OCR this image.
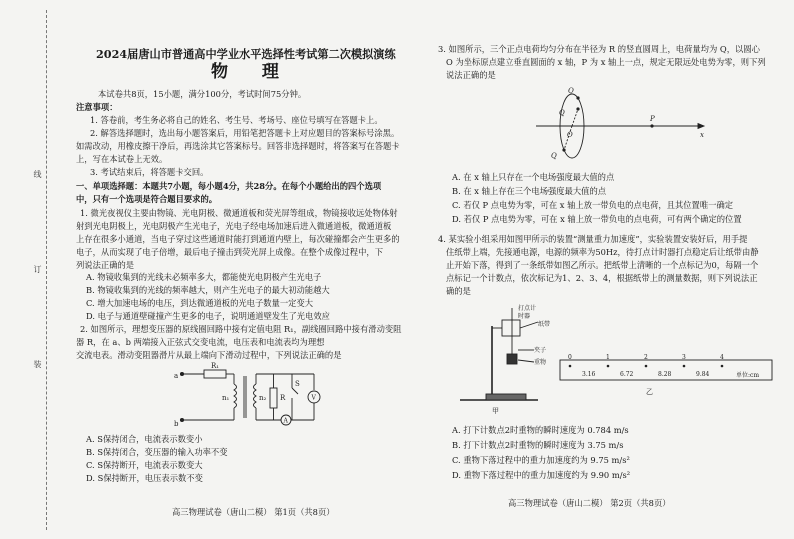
线
订
装
2024届唐山市普通高中学业水平选择性考试第二次模拟演练
物 理
本试卷共8页，15小题，满分100分，考试时间75分钟。
注意事项：
1. 答卷前，考生务必将自己的姓名、考生号、考场号、座位号填写在答题卡上。
2. 解答选择题时，选出每小题答案后，用铅笔把答题卡上对应题目的答案标号涂黑。
如需改动，用橡皮擦干净后，再选涂其它答案标号。回答非选择题时，将答案写在答题卡
上，写在本试卷上无效。
3. 考试结束后，将答题卡交回。
一、单项选择题：本题共7小题，每小题4分，共28分。在每个小题给出的四个选项
中，只有一个选项是符合题目要求的。
1. 微光夜视仪主要由物镜、光电阴极、微通道板和荧光屏等组成，物镜接收远处物体射
射到光电阴极上，光电阴极产生光电子，光电子经电场加速后进入微通道板，微通道板
上存在很多小通道，当电子穿过这些通道时能打到通道内壁上，每次碰撞都会产生更多的
电子，从而实现了电子倍增，最后电子撞击到荧光屏上成像。在整个成像过程中，下
列说法正确的是
A. 物镜收集到的光线未必频率多大，都能使光电阴极产生光电子
B. 物镜收集到的光线的频率越大，则产生光电子的最大初动能越大
C. 增大加速电场的电压，到达微通道板的光电子数量一定变大
D. 电子与通道壁碰撞产生更多的电子，说明通道壁发生了光电效应
2. 如图所示，理想变压器的原线圈回路中接有定值电阻 R₁，副线圈回路中接有滑动变阻
器 R，在 a、b 两端接入正弦式交变电流，电压表和电流表均为理想
交流电表。滑动变阻器滑片从最上端向下滑动过程中，下列说法正确的是
R₁
a
b
n₁	n₂ R
S
A
V
A. S保持闭合，电流表示数变小
B. S保持闭合，变压器的输入功率不变
C. S保持断开，电流表示数变大
D. S保持断开，电压表示数不变
高三物理试卷（唐山二模） 第1页（共8页）
3. 如图所示，三个正点电荷均匀分布在半径为 R 的竖直圆周上，电荷量均为 Q，以圆心
O 为坐标原点建立垂直圆面的 x 轴，P 为 x 轴上一点，规定无限远处电势为零，则下列
说法正确的是
Q
Q
Q
O
P
x
A. 在 x 轴上只存在一个电场强度最大值的点
B. 在 x 轴上存在三个电场强度最大值的点
C. 若仅 P 点电势为零，可在 x 轴上放一带负电的点电荷，且其位置唯一确定
D. 若仅 P 点电势为零，可在 x 轴上放一带负电的点电荷，可有两个确定的位置
4. 某实验小组采用如图甲所示的装置“测量重力加速度”，实验装置安装好后，用手提
住纸带上端，先接通电源，电源的频率为50Hz，待打点计时器打点稳定后让纸带由静
止开始下落，得到了一条纸带如图乙所示。把纸带上清晰的一个点标记为0，每隔一个
点标记一个计数点，依次标记为1、2、3、4，根据纸带上的测量数据，则下列说法正
确的是
打点计
时器
纸带
夹子
重物
甲
0	1	2	3	4
3.16	6.72	8.28	9.84	单位:cm
乙
A. 打下计数点2时重物的瞬时速度为 0.784 m/s
B. 打下计数点2时重物的瞬时速度为 3.75 m/s
C. 重物下落过程中的重力加速度约为 9.75 m/s²
D. 重物下落过程中的重力加速度约为 9.90 m/s²
高三物理试卷（唐山二模） 第2页（共8页）
